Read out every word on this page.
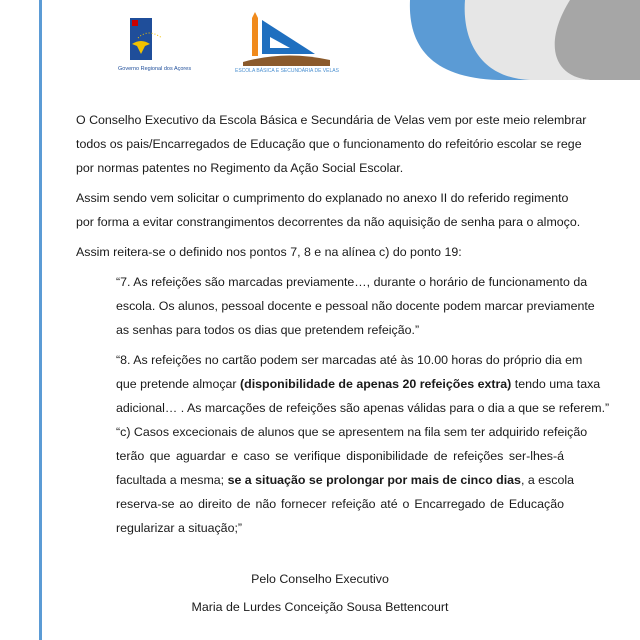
Governo Regional dos Açores	ESCOLA BÁSICA E SECUNDÁRIA DE VELAS
O Conselho Executivo da Escola Básica e Secundária de Velas vem por este meio relembrar
todos os pais/Encarregados de Educação que o funcionamento do refeitório escolar se rege
por normas patentes no Regimento da Ação Social Escolar.
Assim sendo vem solicitar o cumprimento do explanado no anexo II do referido regimento
por forma a evitar constrangimentos decorrentes da não aquisição de senha para o almoço.
Assim reitera-se o definido nos pontos 7, 8 e na alínea c) do ponto 19:
“7. As refeições são marcadas previamente…, durante o horário de funcionamento da
escola. Os alunos, pessoal docente e pessoal não docente podem marcar previamente
as senhas para todos os dias que pretendem refeição.”
“8. As refeições no cartão podem ser marcadas até às 10.00 horas do próprio dia em
que pretende almoçar (disponibilidade de apenas 20 refeições extra) tendo uma taxa
adicional… . As marcações de refeições são apenas válidas para o dia a que se referem.”
“c) Casos excecionais de alunos que se apresentem na fila sem ter adquirido refeição
terão que aguardar e caso se verifique disponibilidade de refeições ser-lhes-á
facultada a mesma; se a situação se prolongar por mais de cinco dias, a escola
reserva-se ao direito de não fornecer refeição até o Encarregado de Educação
regularizar a situação;”
Pelo Conselho Executivo
Maria de Lurdes Conceição Sousa Bettencourt
